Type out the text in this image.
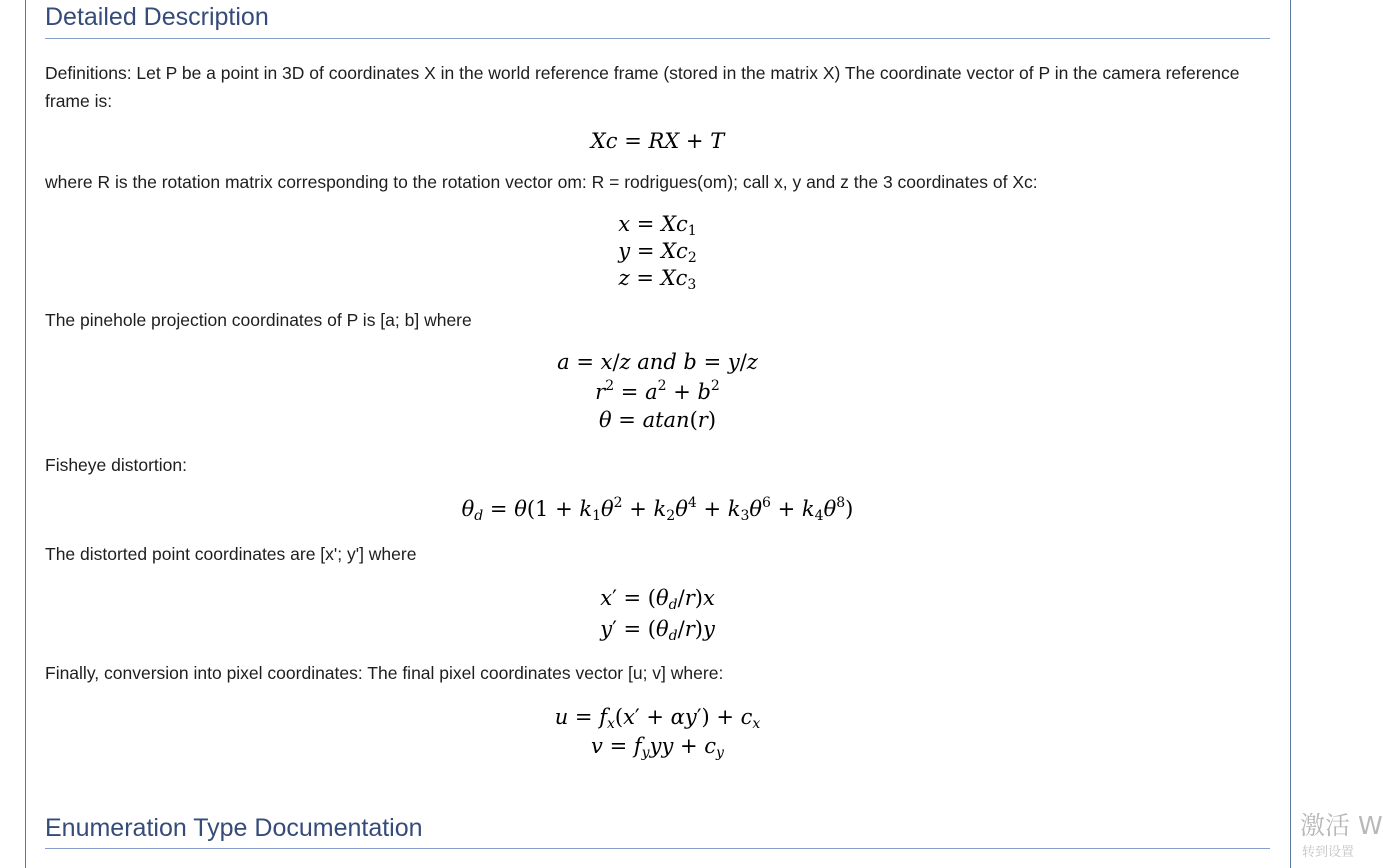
Detailed Description

Definitions: Let P be a point in 3D of coordinates X in the world reference frame (stored in the matrix X) The coordinate vector of P in the camera reference frame is:

Xc = RX + T

where R is the rotation matrix corresponding to the rotation vector om: R = rodrigues(om); call x, y and z the 3 coordinates of Xc:

$x = Xc_1$
$y = Xc_2$
$z = Xc_3$

The pinehole projection coordinates of P is [a; b] where

a = x/z and b = y/z
$r^2 = a^2 + b^2$
θ = atan(r)

Fisheye distortion:

$\theta_d = \theta(1 + k_1\theta^2 + k_2\theta^4 + k_3\theta^6 + k_4\theta^8)$

The distorted point coordinates are [x'; y'] where

$x' = (\theta_d/r)x$
$y' = (\theta_d/r)y$

Finally, conversion into pixel coordinates: The final pixel coordinates vector [u; v] where:

$u = f_x(x' + \alpha y') + c_x$
$v = f_yyy + c_y$
Enumeration Type Documentation	激活 W
转到设置
